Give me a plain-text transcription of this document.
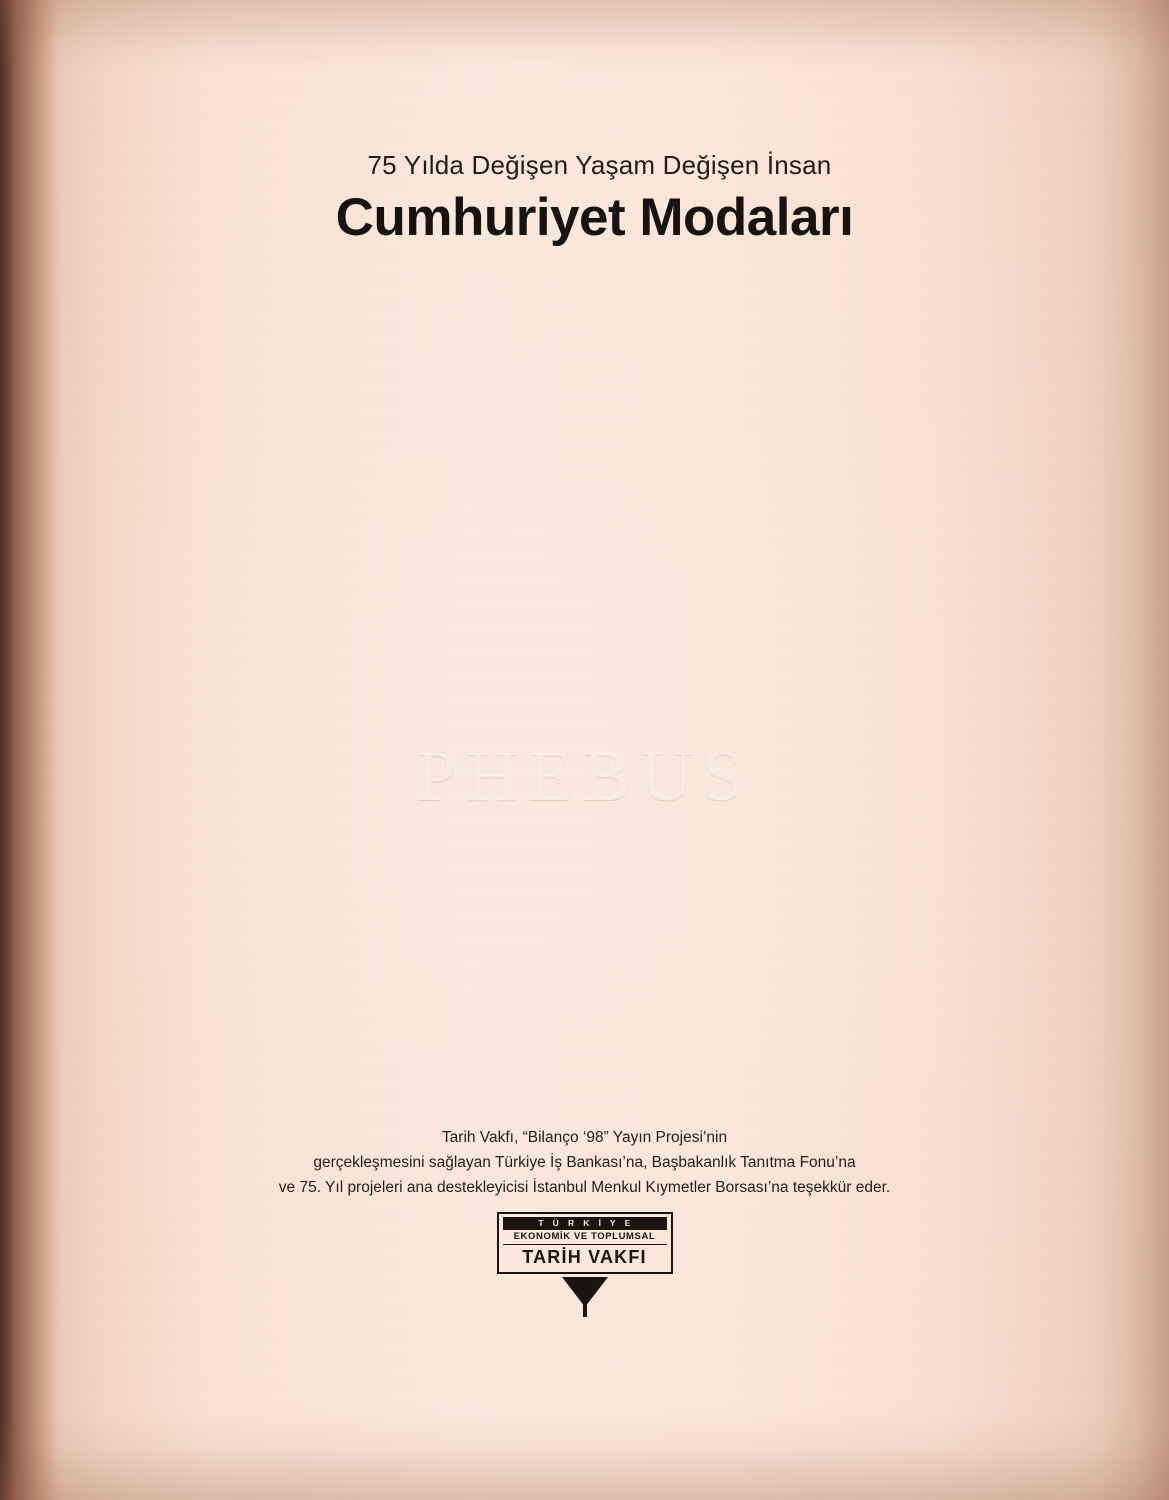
75 Yılda Değişen Yaşam Değişen İnsan

Cumhuriyet Modaları
PHEBUS
Tarih Vakfı, “Bilanço ‘98” Yayın Projesi’nin
gerçekleşmesini sağlayan Türkiye İş Bankası’na, Başbakanlık Tanıtma Fonu’na
ve 75. Yıl projeleri ana destekleyicisi İstanbul Menkul Kıymetler Borsası’na teşekkür eder.
T Ü R K İ Y E
EKONOMİK VE TOPLUMSAL
TARİH VAKFI
